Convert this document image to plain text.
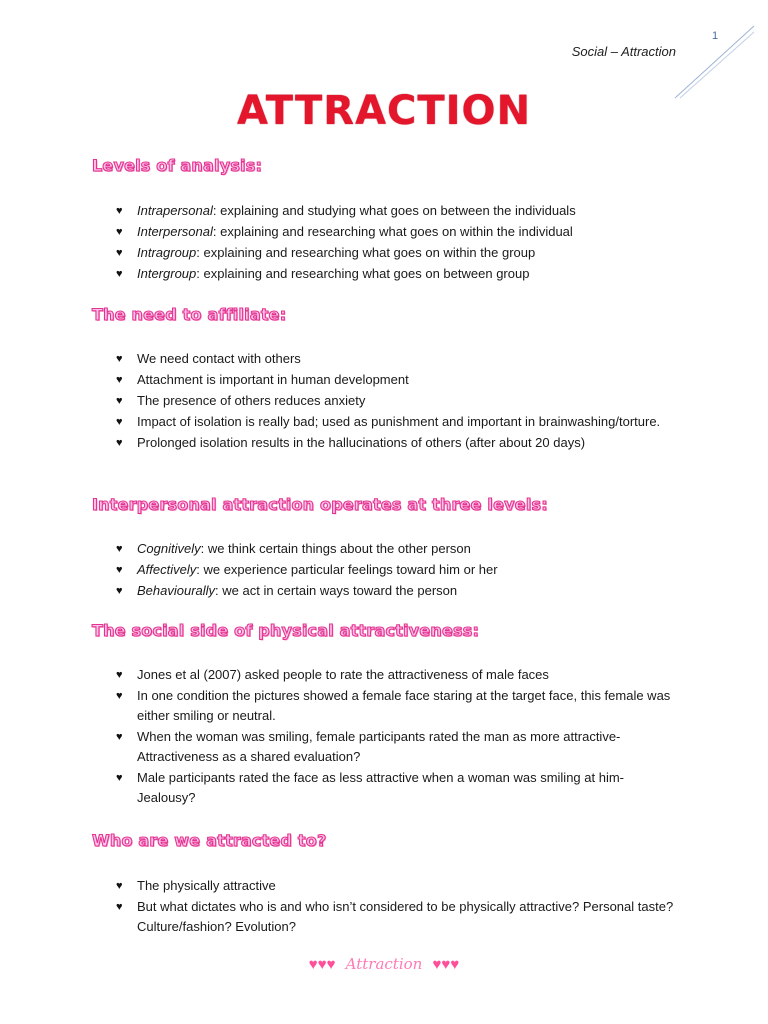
1
Social – Attraction
ATTRACTION
Levels of analysis:
♥ Intrapersonal: explaining and studying what goes on between the individuals
♥ Interpersonal: explaining and researching what goes on within the individual
♥ Intragroup: explaining and researching what goes on within the group
♥ Intergroup: explaining and researching what goes on between group
The need to affiliate:
♥ We need contact with others
♥ Attachment is important in human development
♥ The presence of others reduces anxiety
♥ Impact of isolation is really bad; used as punishment and important in brainwashing/torture.
♥ Prolonged isolation results in the hallucinations of others (after about 20 days)
Interpersonal attraction operates at three levels:
♥ Cognitively: we think certain things about the other person
♥ Affectively: we experience particular feelings toward him or her
♥ Behaviourally: we act in certain ways toward the person
The social side of physical attractiveness:
♥ Jones et al (2007) asked people to rate the attractiveness of male faces
♥ In one condition the pictures showed a female face staring at the target face, this female was either smiling or neutral.
♥ When the woman was smiling, female participants rated the man as more attractive- Attractiveness as a shared evaluation?
♥ Male participants rated the face as less attractive when a woman was smiling at him- Jealousy?
Who are we attracted to?
♥ The physically attractive
♥ But what dictates who is and who isn’t considered to be physically attractive? Personal taste? Culture/fashion? Evolution?
♥♥♥ Attraction ♥♥♥
